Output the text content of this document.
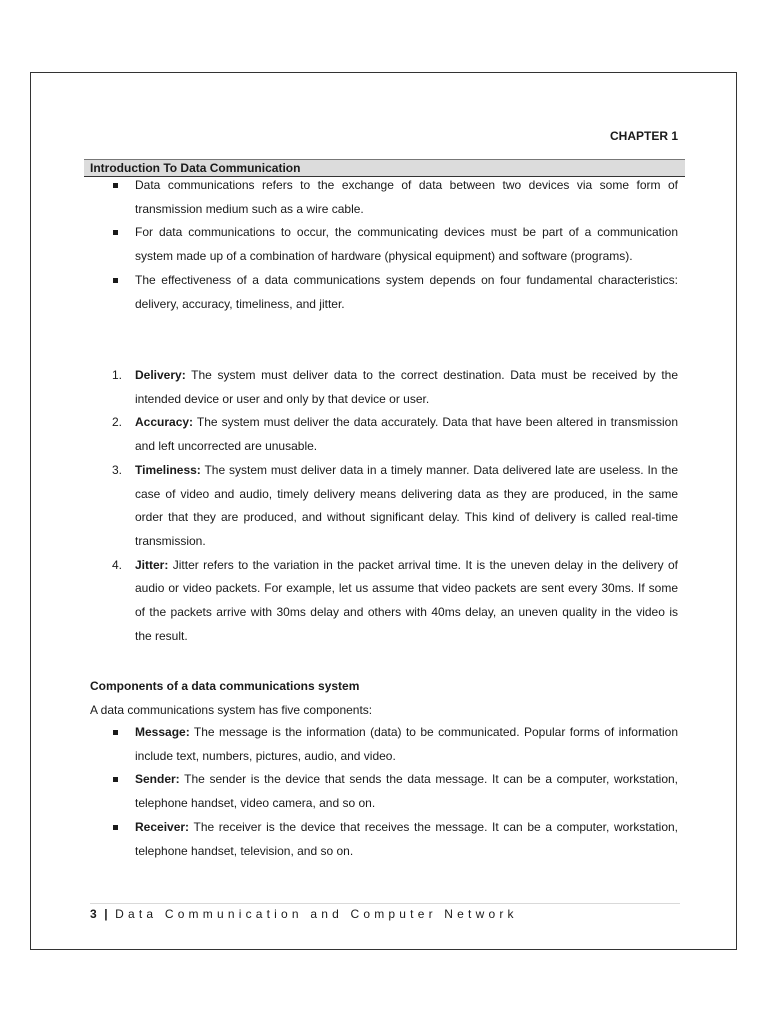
CHAPTER 1
Introduction To Data Communication
Data communications refers to the exchange of data between two devices via some form of transmission medium such as a wire cable.
For data communications to occur, the communicating devices must be part of a communication system made up of a combination of hardware (physical equipment) and software (programs).
The effectiveness of a data communications system depends on four fundamental characteristics: delivery, accuracy, timeliness, and jitter.
1. Delivery: The system must deliver data to the correct destination. Data must be received by the intended device or user and only by that device or user.
2. Accuracy: The system must deliver the data accurately. Data that have been altered in transmission and left uncorrected are unusable.
3. Timeliness: The system must deliver data in a timely manner. Data delivered late are useless. In the case of video and audio, timely delivery means delivering data as they are produced, in the same order that they are produced, and without significant delay. This kind of delivery is called real-time transmission.
4. Jitter: Jitter refers to the variation in the packet arrival time. It is the uneven delay in the delivery of audio or video packets. For example, let us assume that video packets are sent every 30ms. If some of the packets arrive with 30ms delay and others with 40ms delay, an uneven quality in the video is the result.
Components of a data communications system
A data communications system has five components:
Message: The message is the information (data) to be communicated. Popular forms of information include text, numbers, pictures, audio, and video.
Sender: The sender is the device that sends the data message. It can be a computer, workstation, telephone handset, video camera, and so on.
Receiver: The receiver is the device that receives the message. It can be a computer, workstation, telephone handset, television, and so on.
3 | Data Communication and Computer Network
